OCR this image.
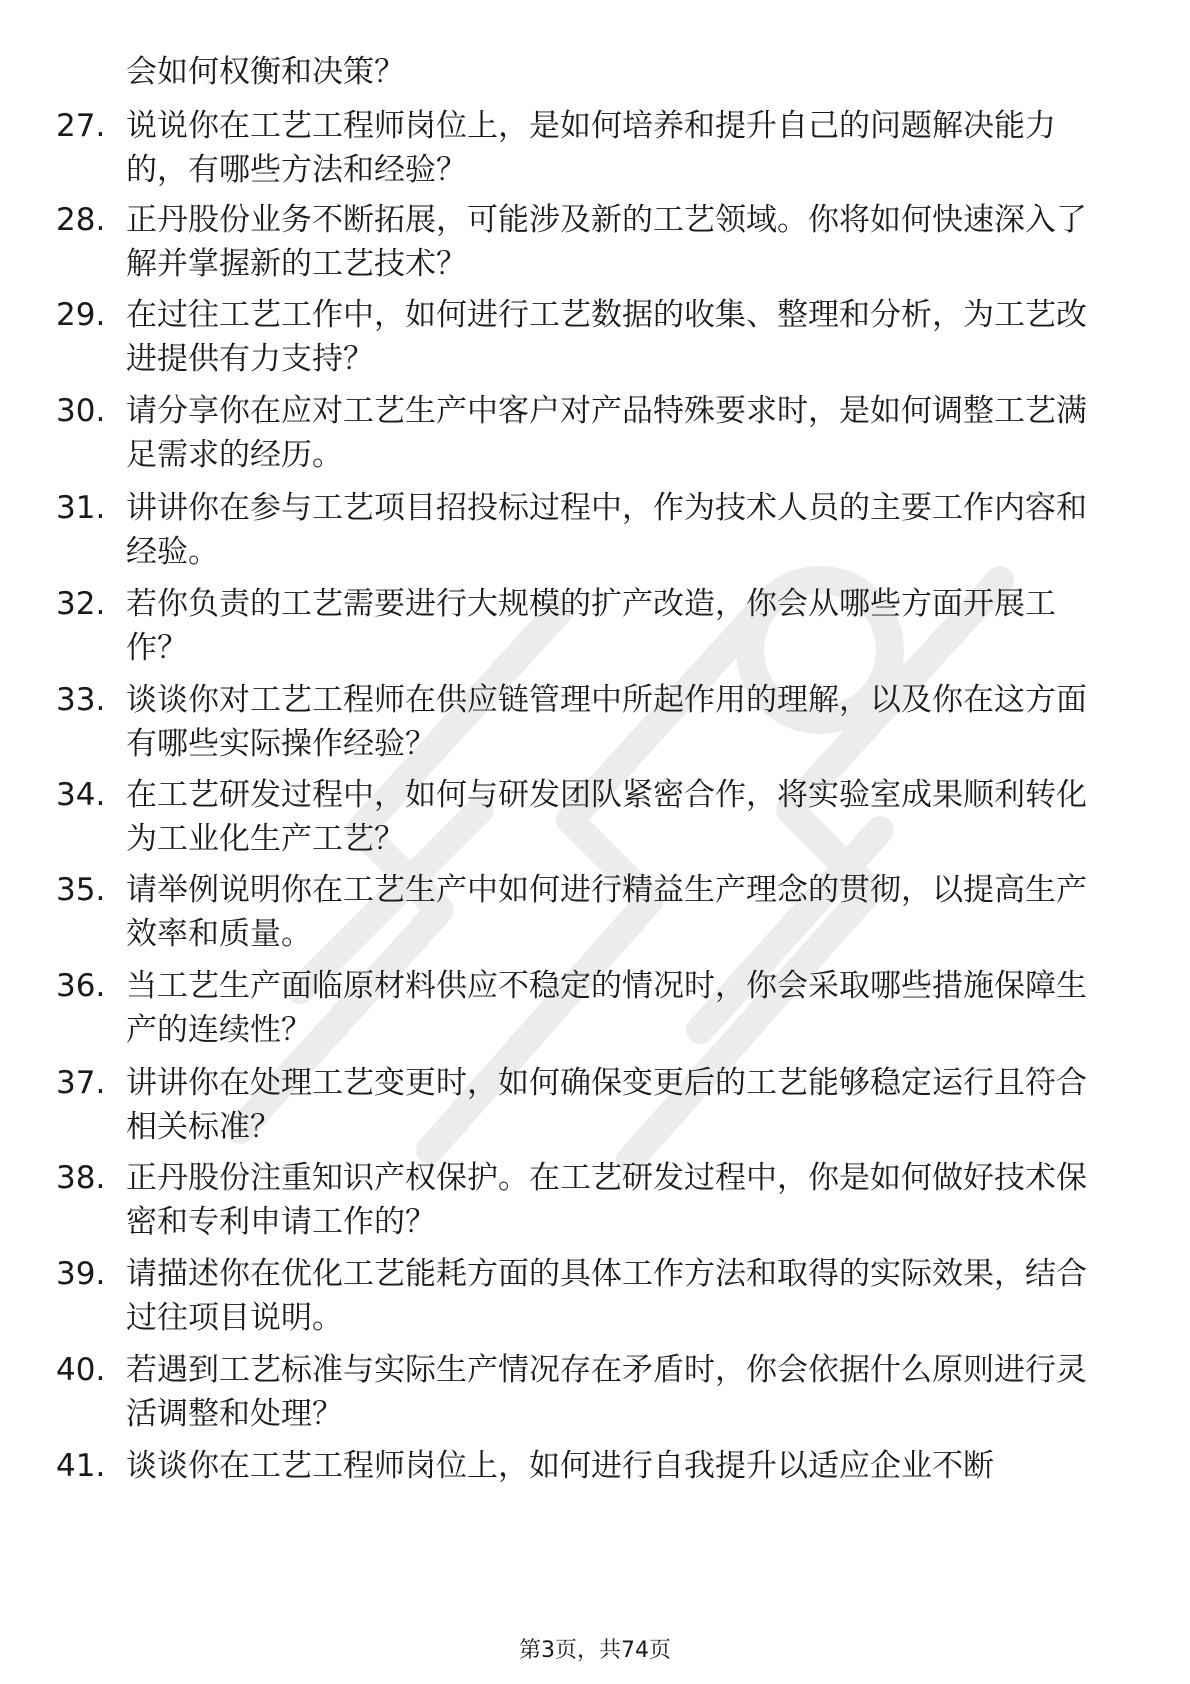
会如何权衡和决策？
27. 说说你在工艺工程师岗位上，是如何培养和提升自己的问题解决能力的，有哪些方法和经验？
28. 正丹股份业务不断拓展，可能涉及新的工艺领域。你将如何快速深入了解并掌握新的工艺技术？
29. 在过往工艺工作中，如何进行工艺数据的收集、整理和分析，为工艺改进提供有力支持？
30. 请分享你在应对工艺生产中客户对产品特殊要求时，是如何调整工艺满足需求的经历。
31. 讲讲你在参与工艺项目招投标过程中，作为技术人员的主要工作内容和经验。
32. 若你负责的工艺需要进行大规模的扩产改造，你会从哪些方面开展工作？
33. 谈谈你对工艺工程师在供应链管理中所起作用的理解，以及你在这方面有哪些实际操作经验？
34. 在工艺研发过程中，如何与研发团队紧密合作，将实验室成果顺利转化为工业化生产工艺？
35. 请举例说明你在工艺生产中如何进行精益生产理念的贯彻，以提高生产效率和质量。
36. 当工艺生产面临原材料供应不稳定的情况时，你会采取哪些措施保障生产的连续性？
37. 讲讲你在处理工艺变更时，如何确保变更后的工艺能够稳定运行且符合相关标准？
38. 正丹股份注重知识产权保护。在工艺研发过程中，你是如何做好技术保密和专利申请工作的？
39. 请描述你在优化工艺能耗方面的具体工作方法和取得的实际效果，结合过往项目说明。
40. 若遇到工艺标准与实际生产情况存在矛盾时，你会依据什么原则进行灵活调整和处理？
41. 谈谈你在工艺工程师岗位上，如何进行自我提升以适应企业不断
第3页，共74页
